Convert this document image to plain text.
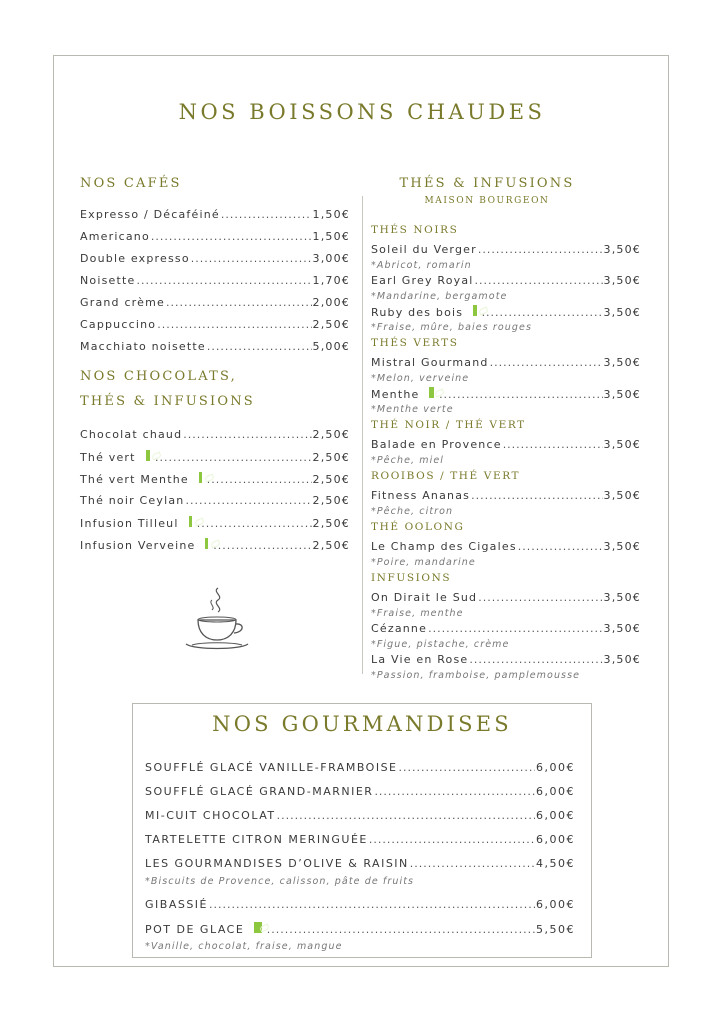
NOS BOISSONS CHAUDES
NOS CAFÉS
Expresso / Décaféiné .....	1,50€
Americano .....	1,50€
Double expresso .....	3,00€
Noisette .....	1,70€
Grand crème .....	2,00€
Cappuccino .....	2,50€
Macchiato noisette .....	5,00€
NOS CHOCOLATS,
THÉS & INFUSIONS
Chocolat chaud .....	2,50€
Thé vert .....	2,50€
Thé vert Menthe .....	2,50€
Thé noir Ceylan .....	2,50€
Infusion Tilleul .....	2,50€
Infusion Verveine .....	2,50€
THÉS & INFUSIONS
MAISON BOURGEON
THÉS NOIRS
Soleil du Verger .....	3,50€
*Abricot, romarin
Earl Grey Royal .....	3,50€
*Mandarine, bergamote
Ruby des bois .....	3,50€
*Fraise, mûre, baies rouges
THÉS VERTS
Mistral Gourmand .....	3,50€
*Melon, verveine
Menthe .....	3,50€
*Menthe verte
THÉ NOIR / THÉ VERT
Balade en Provence .....	3,50€
*Pêche, miel
ROOIBOS / THÉ VERT
Fitness Ananas .....	3,50€
*Pêche, citron
THÉ OOLONG
Le Champ des Cigales .....	3,50€
*Poire, mandarine
INFUSIONS
On Dirait le Sud .....	3,50€
*Fraise, menthe
Cézanne .....	3,50€
*Figue, pistache, crème
La Vie en Rose .....	3,50€
*Passion, framboise, pamplemousse
NOS GOURMANDISES
SOUFFLÉ GLACÉ VANILLE-FRAMBOISE .....	6,00€
SOUFFLÉ GLACÉ GRAND-MARNIER .....	6,00€
MI-CUIT CHOCOLAT .....	6,00€
TARTELETTE CITRON MERINGUÉE .....	6,00€
LES GOURMANDISES D’OLIVE & RAISIN .....	4,50€
*Biscuits de Provence, calisson, pâte de fruits
GIBASSIÉ .....	6,00€
POT DE GLACE .....	5,50€
*Vanille, chocolat, fraise, mangue
